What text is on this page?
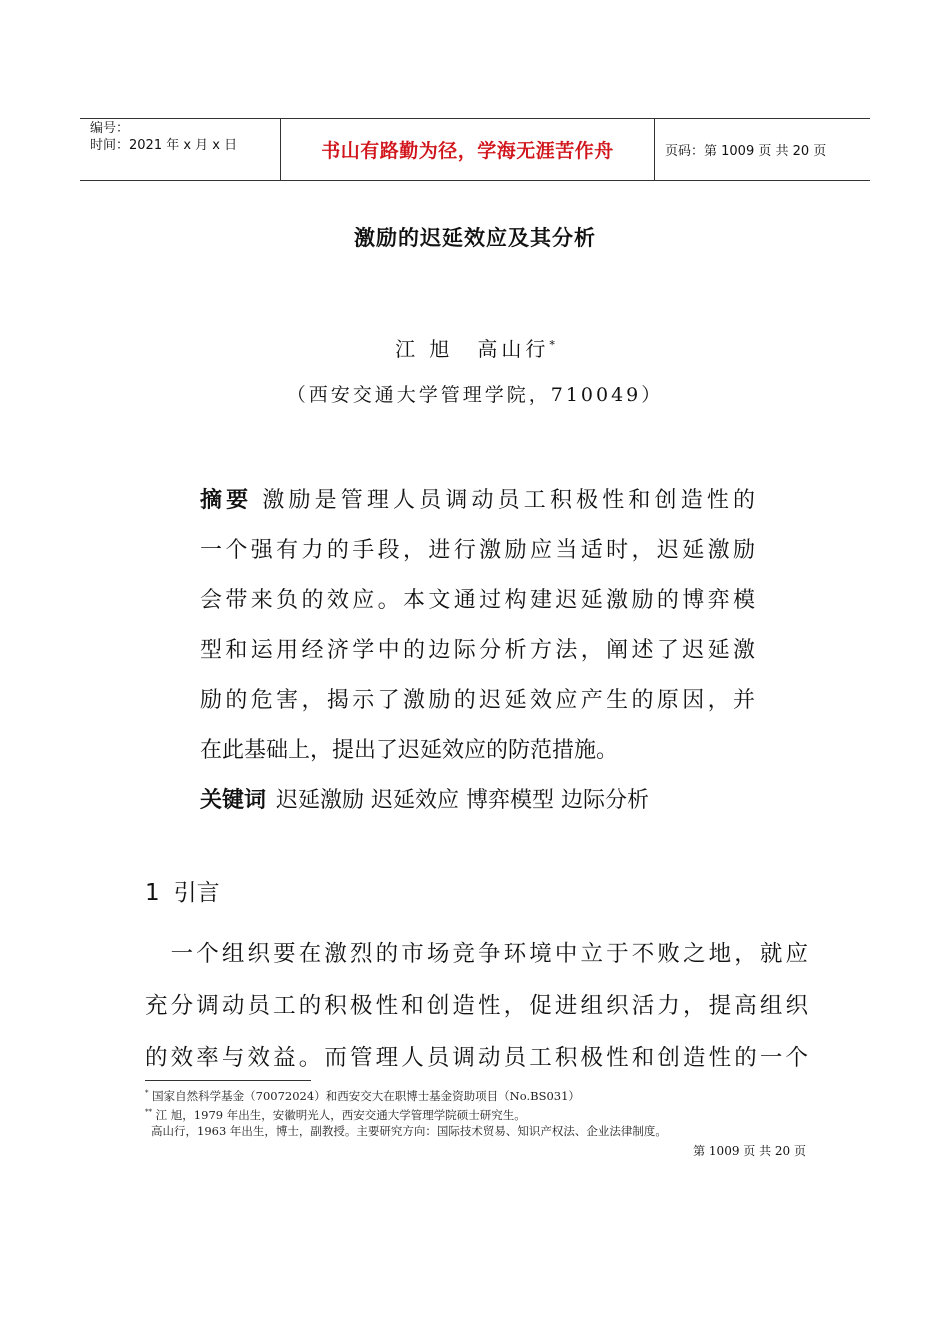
编号：
时间：2021 年 x 月 x 日	书山有路勤为径，学海无涯苦作舟	页码：第 1009 页 共 20 页
激励的迟延效应及其分析
江 旭　高山行*
（西安交通大学管理学院，710049）
摘要 激励是管理人员调动员工积极性和创造性的
一个强有力的手段，进行激励应当适时，迟延激励
会带来负的效应。本文通过构建迟延激励的博弈模
型和运用经济学中的边际分析方法，阐述了迟延激
励的危害，揭示了激励的迟延效应产生的原因，并
在此基础上，提出了迟延效应的防范措施。
关键词 迟延激励 迟延效应 博弈模型 边际分析
1 引言
　一个组织要在激烈的市场竞争环境中立于不败之地，就应
充分调动员工的积极性和创造性，促进组织活力，提高组织
的效率与效益。而管理人员调动员工积极性和创造性的一个
* 国家自然科学基金（70072024）和西安交大在职博士基金资助项目（No.BS031）
** 江 旭，1979 年出生，安徽明光人，西安交通大学管理学院硕士研究生。
高山行，1963 年出生，博士，副教授。主要研究方向：国际技术贸易、知识产权法、企业法律制度。
第 1009 页 共 20 页
